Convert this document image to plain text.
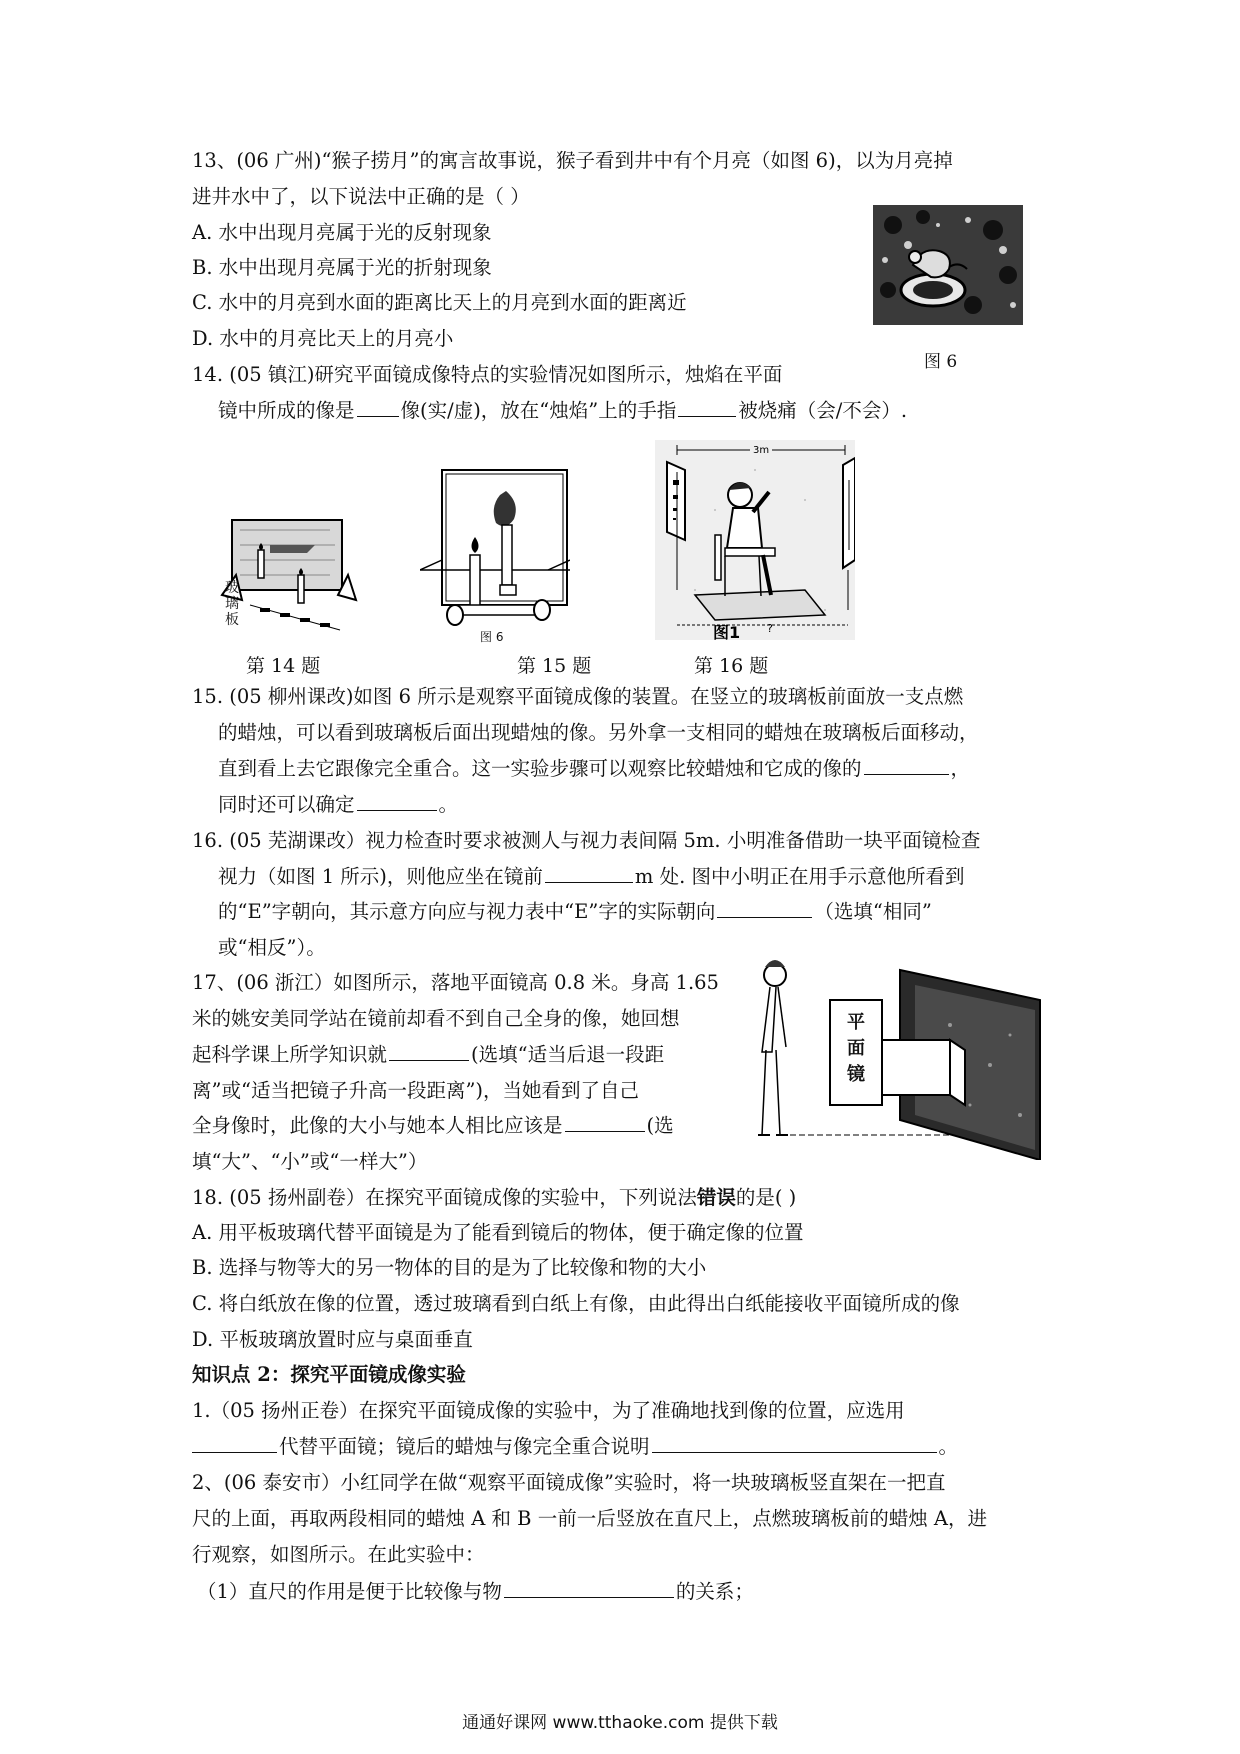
13、(06 广州)“猴子捞月”的寓言故事说，猴子看到井中有个月亮（如图 6)，以为月亮掉
进井水中了，以下说法中正确的是（ ）
A. 水中出现月亮属于光的反射现象
B. 水中出现月亮属于光的折射现象
C. 水中的月亮到水面的距离比天上的月亮到水面的距离近
D. 水中的月亮比天上的月亮小
图 6
14. (05 镇江)研究平面镜成像特点的实验情况如图所示，烛焰在平面
镜中所成的像是 像(实/虚)，放在“烛焰”上的手指	被烧痛（会/不会）.
玻璃板
图 6
3m
?
图1
第 14 题	第 15 题	第 16 题
15. (05 柳州课改)如图 6 所示是观察平面镜成像的装置。在竖立的玻璃板前面放一支点燃
的蜡烛，可以看到玻璃板后面出现蜡烛的像。另外拿一支相同的蜡烛在玻璃板后面移动，
直到看上去它跟像完全重合。这一实验步骤可以观察比较蜡烛和它成的像的	，
同时还可以确定	。
16. (05 芜湖课改）视力检查时要求被测人与视力表间隔 5m. 小明准备借助一块平面镜检查
视力（如图 1 所示)，则他应坐在镜前	m 处. 图中小明正在用手示意他所看到
的“E”字朝向，其示意方向应与视力表中“E”字的实际朝向	（选填“相同”
或“相反”）。
17、(06 浙江）如图所示，落地平面镜高 0.8 米。身高 1.65
米的姚安美同学站在镜前却看不到自己全身的像，她回想
起科学课上所学知识就	(选填“适当后退一段距
离”或“适当把镜子升高一段距离”)，当她看到了自己
全身像时，此像的大小与她本人相比应该是	(选
填“大”、“小”或“一样大”）
平面镜
18. (05 扬州副卷）在探究平面镜成像的实验中，下列说法错误的是( )
A. 用平板玻璃代替平面镜是为了能看到镜后的物体，便于确定像的位置
B. 选择与物等大的另一物体的目的是为了比较像和物的大小
C. 将白纸放在像的位置，透过玻璃看到白纸上有像，由此得出白纸能接收平面镜所成的像
D. 平板玻璃放置时应与桌面垂直
知识点 2：探究平面镜成像实验
1.（05 扬州正卷）在探究平面镜成像的实验中，为了准确地找到像的位置，应选用
代替平面镜；镜后的蜡烛与像完全重合说明	。
2、(06 泰安市）小红同学在做“观察平面镜成像”实验时，将一块玻璃板竖直架在一把直
尺的上面，再取两段相同的蜡烛 A 和 B 一前一后竖放在直尺上，点燃玻璃板前的蜡烛 A，进
行观察，如图所示。在此实验中：
（1）直尺的作用是便于比较像与物	的关系；
通通好课网 www.tthaoke.com 提供下载
